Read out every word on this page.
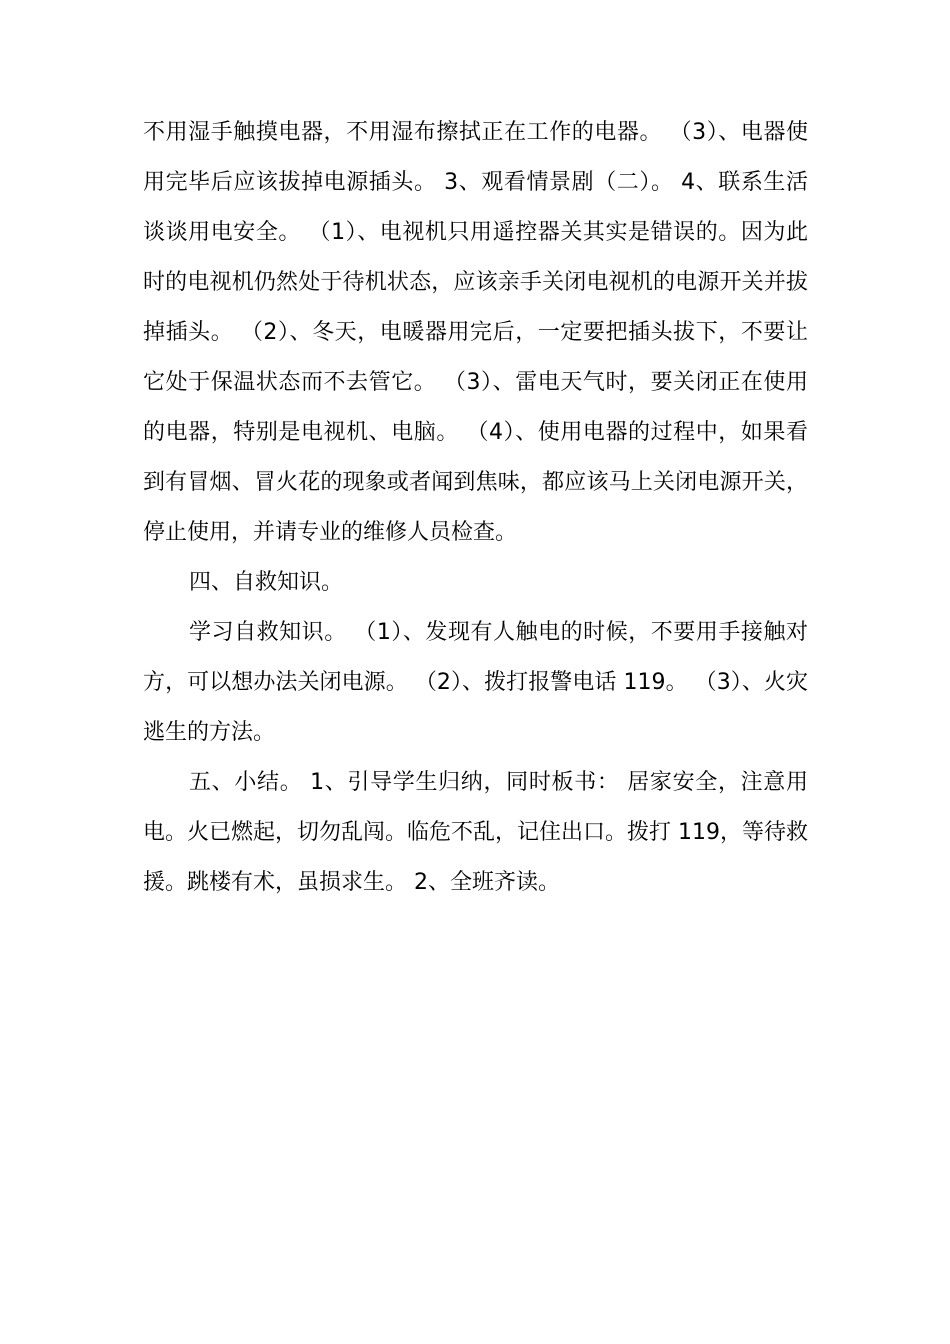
不用湿手触摸电器，不用湿布擦拭正在工作的电器。 （3）、电器使用完毕后应该拔掉电源插头。 3、观看情景剧（二）。 4、联系生活谈谈用电安全。 （1）、电视机只用遥控器关其实是错误的。因为此时的电视机仍然处于待机状态，应该亲手关闭电视机的电源开关并拔掉插头。 （2）、冬天，电暖器用完后，一定要把插头拔下，不要让它处于保温状态而不去管它。 （3）、雷电天气时，要关闭正在使用的电器，特别是电视机、电脑。 （4）、使用电器的过程中，如果看到有冒烟、冒火花的现象或者闻到焦味，都应该马上关闭电源开关，停止使用，并请专业的维修人员检查。

四、自救知识。

学习自救知识。 （1）、发现有人触电的时候，不要用手接触对方，可以想办法关闭电源。 （2）、拨打报警电话 119。 （3）、火灾逃生的方法。

五、小结。 1、引导学生归纳，同时板书： 居家安全，注意用电。火已燃起，切勿乱闯。临危不乱，记住出口。拨打 119，等待救援。跳楼有术，虽损求生。 2、全班齐读。
